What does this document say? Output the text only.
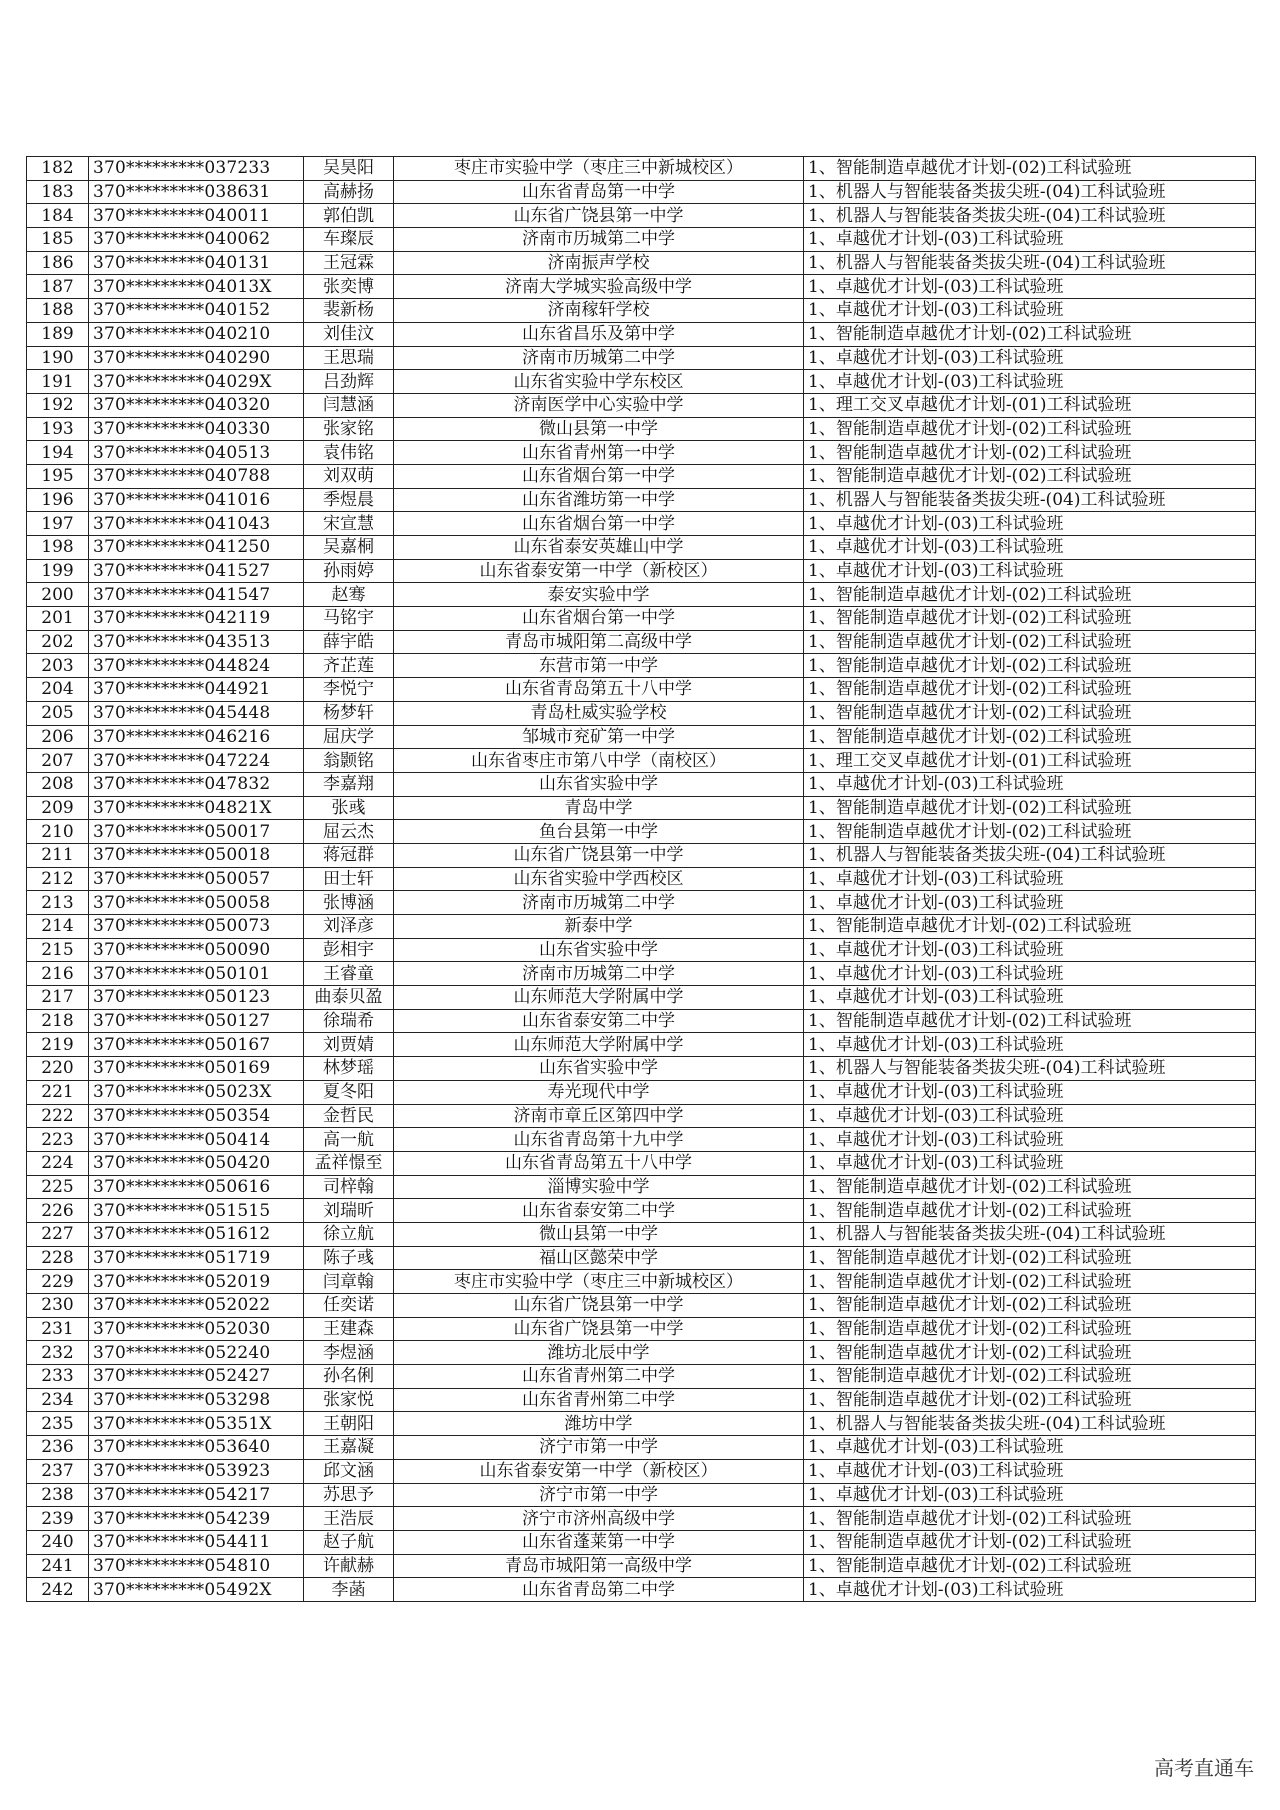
182	370*********037233	吴昊阳	枣庄市实验中学（枣庄三中新城校区）	1、智能制造卓越优才计划-(02)工科试验班
183	370*********038631	高赫扬	山东省青岛第一中学	1、机器人与智能装备类拔尖班-(04)工科试验班
184	370*********040011	郭伯凯	山东省广饶县第一中学	1、机器人与智能装备类拔尖班-(04)工科试验班
185	370*********040062	车璨辰	济南市历城第二中学	1、卓越优才计划-(03)工科试验班
186	370*********040131	王冠霖	济南振声学校	1、机器人与智能装备类拔尖班-(04)工科试验班
187	370*********04013X	张奕博	济南大学城实验高级中学	1、卓越优才计划-(03)工科试验班
188	370*********040152	裴新杨	济南稼轩学校	1、卓越优才计划-(03)工科试验班
189	370*********040210	刘佳汶	山东省昌乐及第中学	1、智能制造卓越优才计划-(02)工科试验班
190	370*********040290	王思瑞	济南市历城第二中学	1、卓越优才计划-(03)工科试验班
191	370*********04029X	吕劲辉	山东省实验中学东校区	1、卓越优才计划-(03)工科试验班
192	370*********040320	闫慧涵	济南医学中心实验中学	1、理工交叉卓越优才计划-(01)工科试验班
193	370*********040330	张家铭	微山县第一中学	1、智能制造卓越优才计划-(02)工科试验班
194	370*********040513	袁伟铭	山东省青州第一中学	1、智能制造卓越优才计划-(02)工科试验班
195	370*********040788	刘双萌	山东省烟台第一中学	1、智能制造卓越优才计划-(02)工科试验班
196	370*********041016	季煜晨	山东省潍坊第一中学	1、机器人与智能装备类拔尖班-(04)工科试验班
197	370*********041043	宋宣慧	山东省烟台第一中学	1、卓越优才计划-(03)工科试验班
198	370*********041250	吴嘉桐	山东省泰安英雄山中学	1、卓越优才计划-(03)工科试验班
199	370*********041527	孙雨婷	山东省泰安第一中学（新校区）	1、卓越优才计划-(03)工科试验班
200	370*********041547	赵骞	泰安实验中学	1、智能制造卓越优才计划-(02)工科试验班
201	370*********042119	马铭宇	山东省烟台第一中学	1、智能制造卓越优才计划-(02)工科试验班
202	370*********043513	薛宇皓	青岛市城阳第二高级中学	1、智能制造卓越优才计划-(02)工科试验班
203	370*********044824	齐芷莲	东营市第一中学	1、智能制造卓越优才计划-(02)工科试验班
204	370*********044921	李悦宁	山东省青岛第五十八中学	1、智能制造卓越优才计划-(02)工科试验班
205	370*********045448	杨梦轩	青岛杜威实验学校	1、智能制造卓越优才计划-(02)工科试验班
206	370*********046216	屈庆学	邹城市兖矿第一中学	1、智能制造卓越优才计划-(02)工科试验班
207	370*********047224	翁颢铭	山东省枣庄市第八中学（南校区）	1、理工交叉卓越优才计划-(01)工科试验班
208	370*********047832	李嘉翔	山东省实验中学	1、卓越优才计划-(03)工科试验班
209	370*********04821X	张彧	青岛中学	1、智能制造卓越优才计划-(02)工科试验班
210	370*********050017	屈云杰	鱼台县第一中学	1、智能制造卓越优才计划-(02)工科试验班
211	370*********050018	蒋冠群	山东省广饶县第一中学	1、机器人与智能装备类拔尖班-(04)工科试验班
212	370*********050057	田士轩	山东省实验中学西校区	1、卓越优才计划-(03)工科试验班
213	370*********050058	张博涵	济南市历城第二中学	1、卓越优才计划-(03)工科试验班
214	370*********050073	刘泽彦	新泰中学	1、智能制造卓越优才计划-(02)工科试验班
215	370*********050090	彭相宇	山东省实验中学	1、卓越优才计划-(03)工科试验班
216	370*********050101	王睿童	济南市历城第二中学	1、卓越优才计划-(03)工科试验班
217	370*********050123	曲泰贝盈	山东师范大学附属中学	1、卓越优才计划-(03)工科试验班
218	370*********050127	徐瑞希	山东省泰安第二中学	1、智能制造卓越优才计划-(02)工科试验班
219	370*********050167	刘贾婧	山东师范大学附属中学	1、卓越优才计划-(03)工科试验班
220	370*********050169	林梦瑶	山东省实验中学	1、机器人与智能装备类拔尖班-(04)工科试验班
221	370*********05023X	夏冬阳	寿光现代中学	1、卓越优才计划-(03)工科试验班
222	370*********050354	金哲民	济南市章丘区第四中学	1、卓越优才计划-(03)工科试验班
223	370*********050414	高一航	山东省青岛第十九中学	1、卓越优才计划-(03)工科试验班
224	370*********050420	孟祥憬至	山东省青岛第五十八中学	1、卓越优才计划-(03)工科试验班
225	370*********050616	司梓翰	淄博实验中学	1、智能制造卓越优才计划-(02)工科试验班
226	370*********051515	刘瑞昕	山东省泰安第二中学	1、智能制造卓越优才计划-(02)工科试验班
227	370*********051612	徐立航	微山县第一中学	1、机器人与智能装备类拔尖班-(04)工科试验班
228	370*********051719	陈子彧	福山区懿荣中学	1、智能制造卓越优才计划-(02)工科试验班
229	370*********052019	闫章翰	枣庄市实验中学（枣庄三中新城校区）	1、智能制造卓越优才计划-(02)工科试验班
230	370*********052022	任奕诺	山东省广饶县第一中学	1、智能制造卓越优才计划-(02)工科试验班
231	370*********052030	王建森	山东省广饶县第一中学	1、智能制造卓越优才计划-(02)工科试验班
232	370*********052240	李煜涵	潍坊北辰中学	1、智能制造卓越优才计划-(02)工科试验班
233	370*********052427	孙名俐	山东省青州第二中学	1、智能制造卓越优才计划-(02)工科试验班
234	370*********053298	张家悦	山东省青州第二中学	1、智能制造卓越优才计划-(02)工科试验班
235	370*********05351X	王朝阳	潍坊中学	1、机器人与智能装备类拔尖班-(04)工科试验班
236	370*********053640	王嘉凝	济宁市第一中学	1、卓越优才计划-(03)工科试验班
237	370*********053923	邱文涵	山东省泰安第一中学（新校区）	1、卓越优才计划-(03)工科试验班
238	370*********054217	苏思予	济宁市第一中学	1、卓越优才计划-(03)工科试验班
239	370*********054239	王浩辰	济宁市济州高级中学	1、智能制造卓越优才计划-(02)工科试验班
240	370*********054411	赵子航	山东省蓬莱第一中学	1、智能制造卓越优才计划-(02)工科试验班
241	370*********054810	许献赫	青岛市城阳第一高级中学	1、智能制造卓越优才计划-(02)工科试验班
242	370*********05492X	李菡	山东省青岛第二中学	1、卓越优才计划-(03)工科试验班
高考直通车
